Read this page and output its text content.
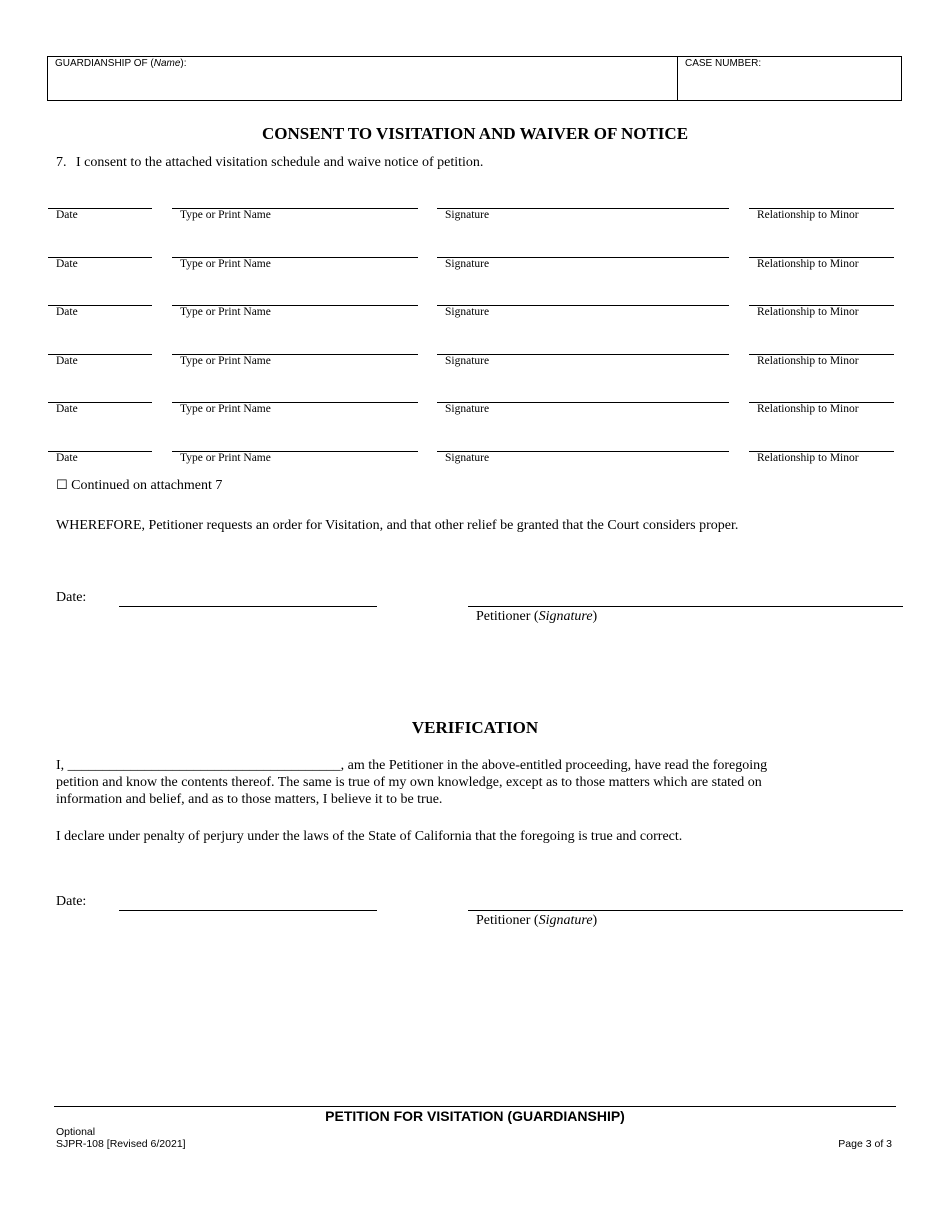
GUARDIANSHIP OF (Name):	CASE NUMBER:
CONSENT TO VISITATION AND WAIVER OF NOTICE
7. I consent to the attached visitation schedule and waive notice of petition.
Date	Type or Print Name	Signature	Relationship to Minor
Date	Type or Print Name	Signature	Relationship to Minor
Date	Type or Print Name	Signature	Relationship to Minor
Date	Type or Print Name	Signature	Relationship to Minor
Date	Type or Print Name	Signature	Relationship to Minor
Date	Type or Print Name	Signature	Relationship to Minor
☐ Continued on attachment 7
WHEREFORE, Petitioner requests an order for Visitation, and that other relief be granted that the Court considers proper.
Date:
Petitioner (Signature)
VERIFICATION
I, _______________________________________, am the Petitioner in the above-entitled proceeding, have read the foregoing
petition and know the contents thereof. The same is true of my own knowledge, except as to those matters which are stated on
information and belief, and as to those matters, I believe it to be true.
I declare under penalty of perjury under the laws of the State of California that the foregoing is true and correct.
Date:
Petitioner (Signature)
PETITION FOR VISITATION (GUARDIANSHIP)
Optional
SJPR-108 [Revised 6/2021]	Page 3 of 3
